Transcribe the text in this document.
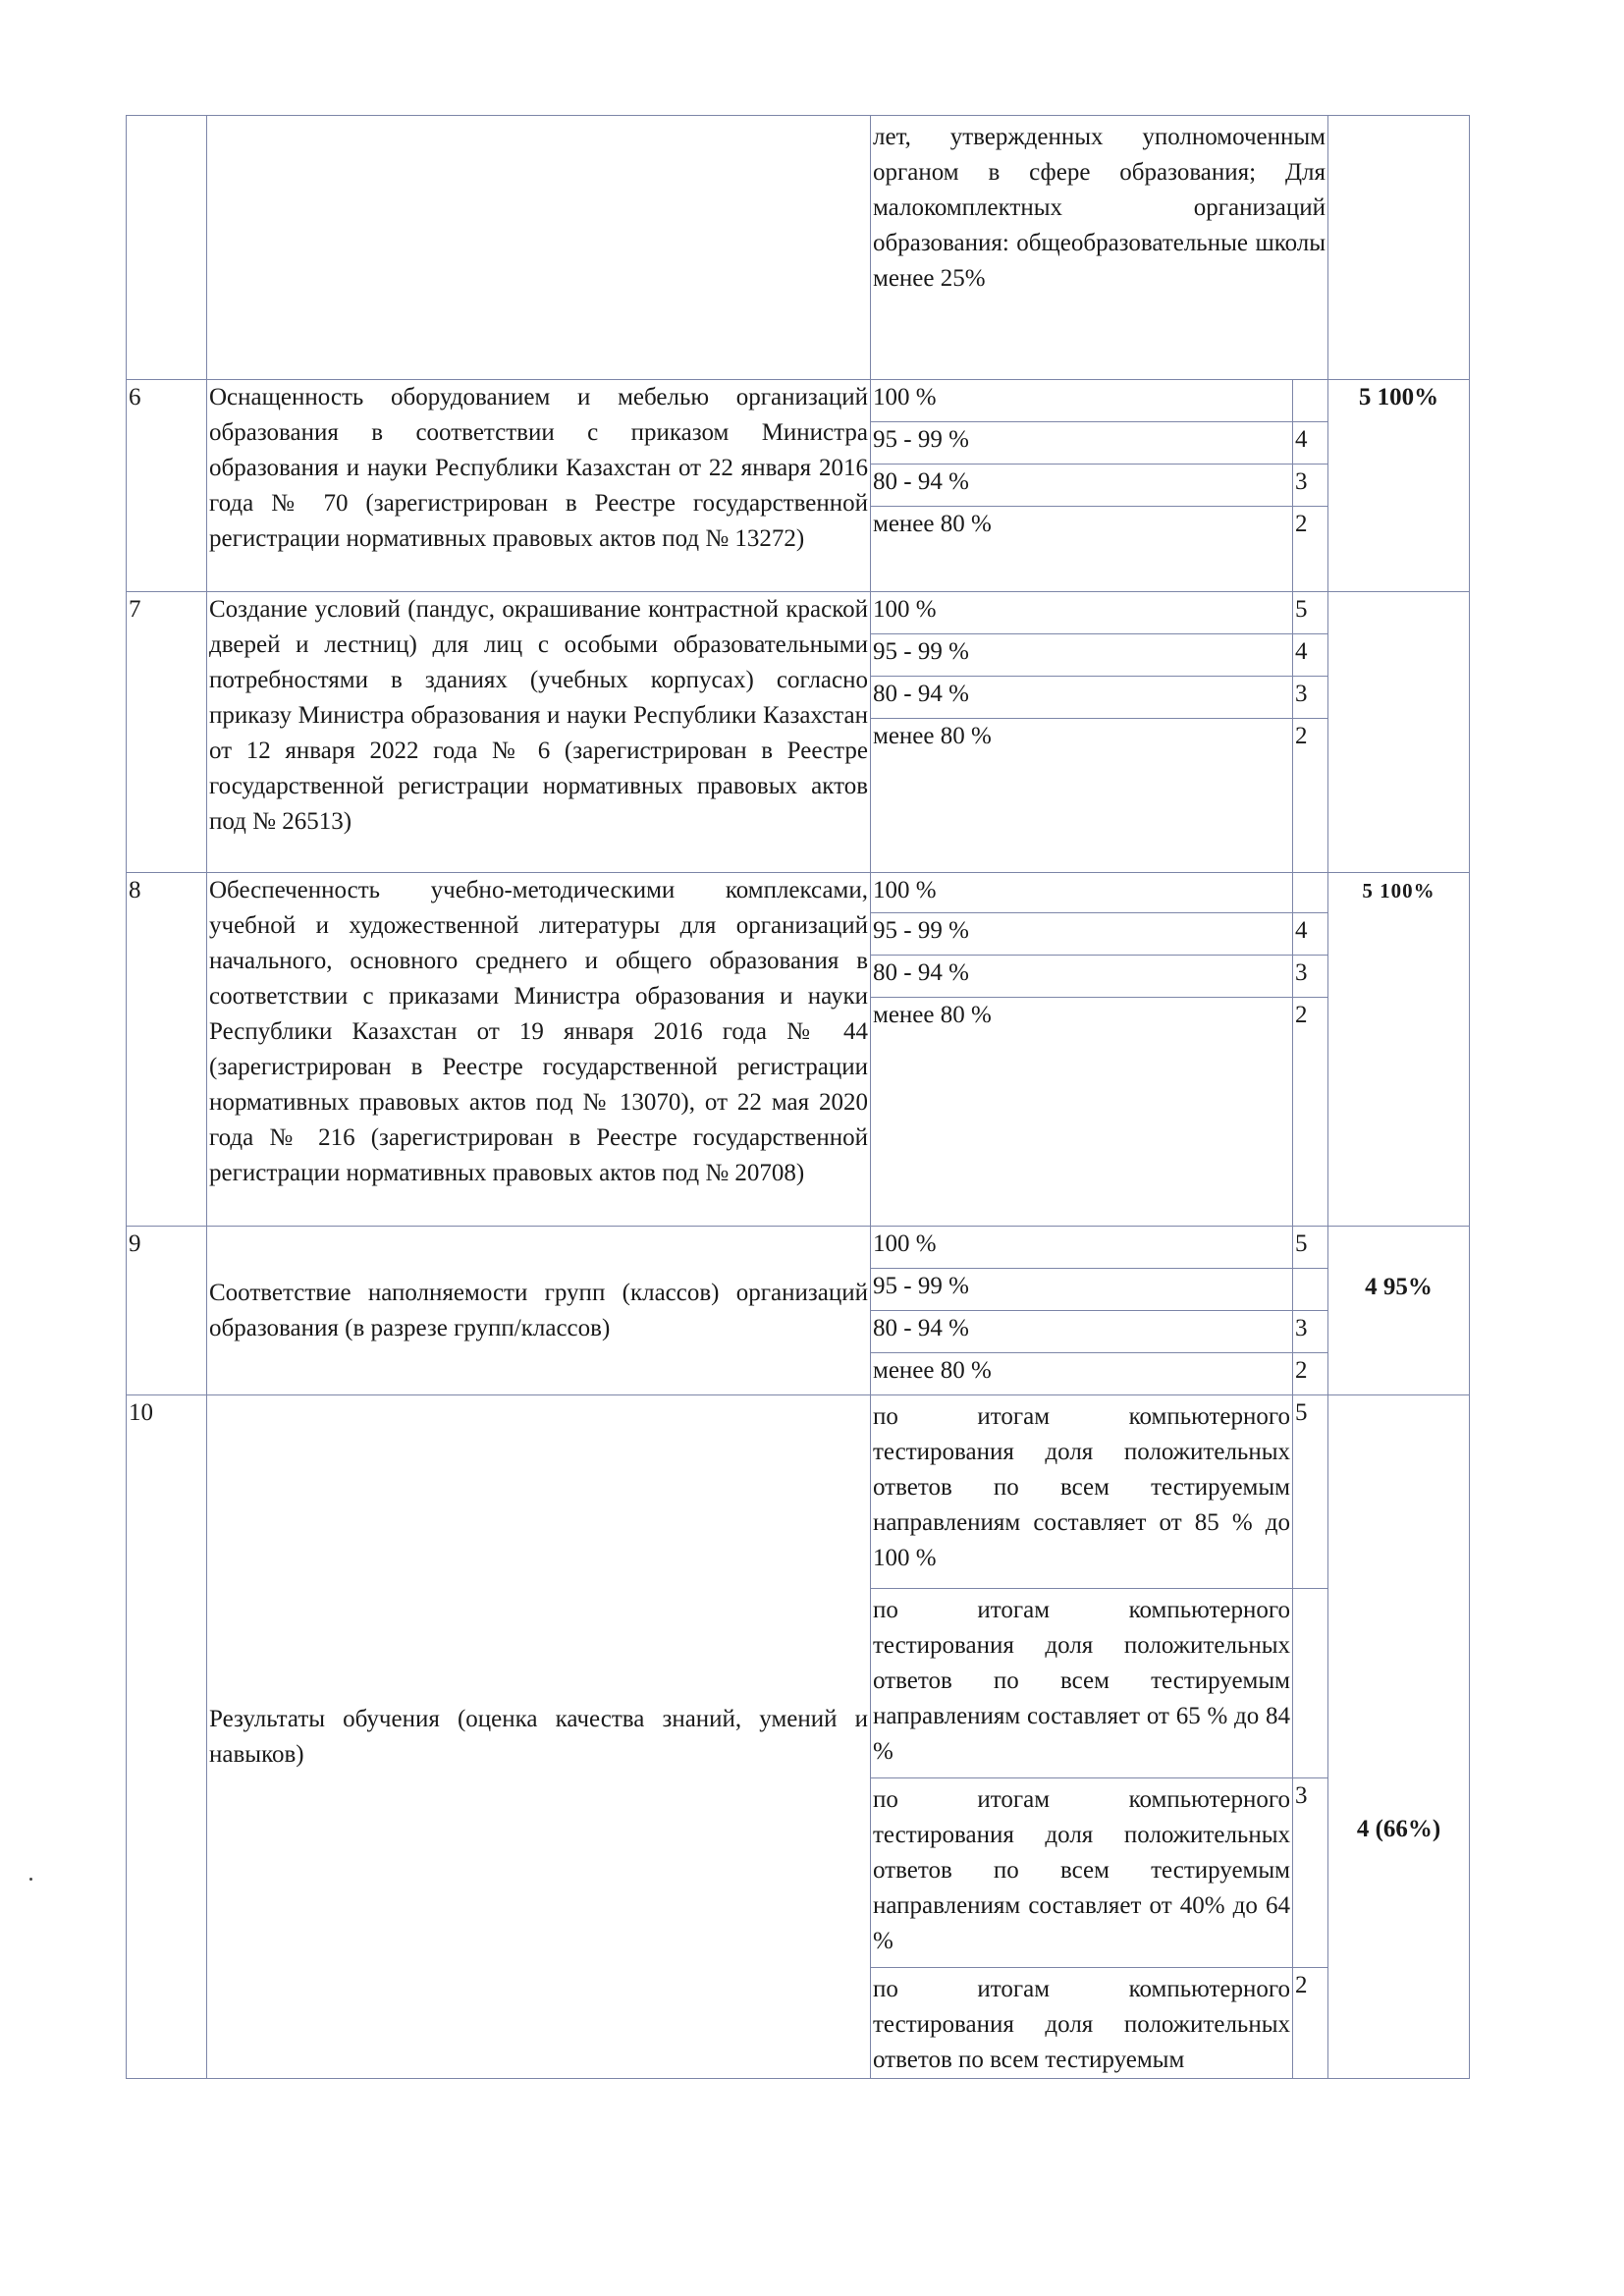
		лет, утвержденных уполномоченным органом в сфере образования; Для малокомплектных организаций образования: общеобразовательные школы менее 25%		
6	Оснащенность оборудованием и мебелью организаций образования в соответствии с приказом Министра образования и науки Республики Казахстан от 22 января 2016 года № 70 (зарегистрирован в Реестре государственной регистрации нормативных правовых актов под № 13272)	100 %		5 100%
		95 - 99 %	4	
		80 - 94 %	3	
		менее 80 %	2	
7	Создание условий (пандус, окрашивание контрастной краской дверей и лестниц) для лиц с особыми образовательными потребностями в зданиях (учебных корпусах) согласно приказу Министра образования и науки Республики Казахстан от 12 января 2022 года № 6 (зарегистрирован в Реестре государственной регистрации нормативных правовых актов под № 26513)	100 %	5	
		95 - 99 %	4	
		80 - 94 %	3	
		менее 80 %	2	
8	Обеспеченность учебно-методическими комплексами, учебной и художественной литературы для организаций начального, основного среднего и общего образования в соответствии с приказами Министра образования и науки Республики Казахстан от 19 января 2016 года № 44 (зарегистрирован в Реестре государственной регистрации нормативных правовых актов под № 13070), от 22 мая 2020 года № 216 (зарегистрирован в Реестре государственной регистрации нормативных правовых актов под № 20708)	100 %		5 100%
		95 - 99 %	4	
		80 - 94 %	3	
		менее 80 %	2	
9	Соответствие наполняемости групп (классов) организаций образования (в разрезе групп/классов)	100 %	5	4 95%
		95 - 99 %		
		80 - 94 %	3	
		менее 80 %	2	
10	Результаты обучения (оценка качества знаний, умений и навыков)	по итогам компьютерного тестирования доля положительных ответов по всем тестируемым направлениям составляет от 85 % до 100 %	5	4 (66%)
		по итогам компьютерного тестирования доля положительных ответов по всем тестируемым направлениям составляет от 65 % до 84 %		
		по итогам компьютерного тестирования доля положительных ответов по всем тестируемым направлениям составляет от 40% до 64 %	3	
		по итогам компьютерного тестирования доля положительных ответов по всем тестируемым	2	
